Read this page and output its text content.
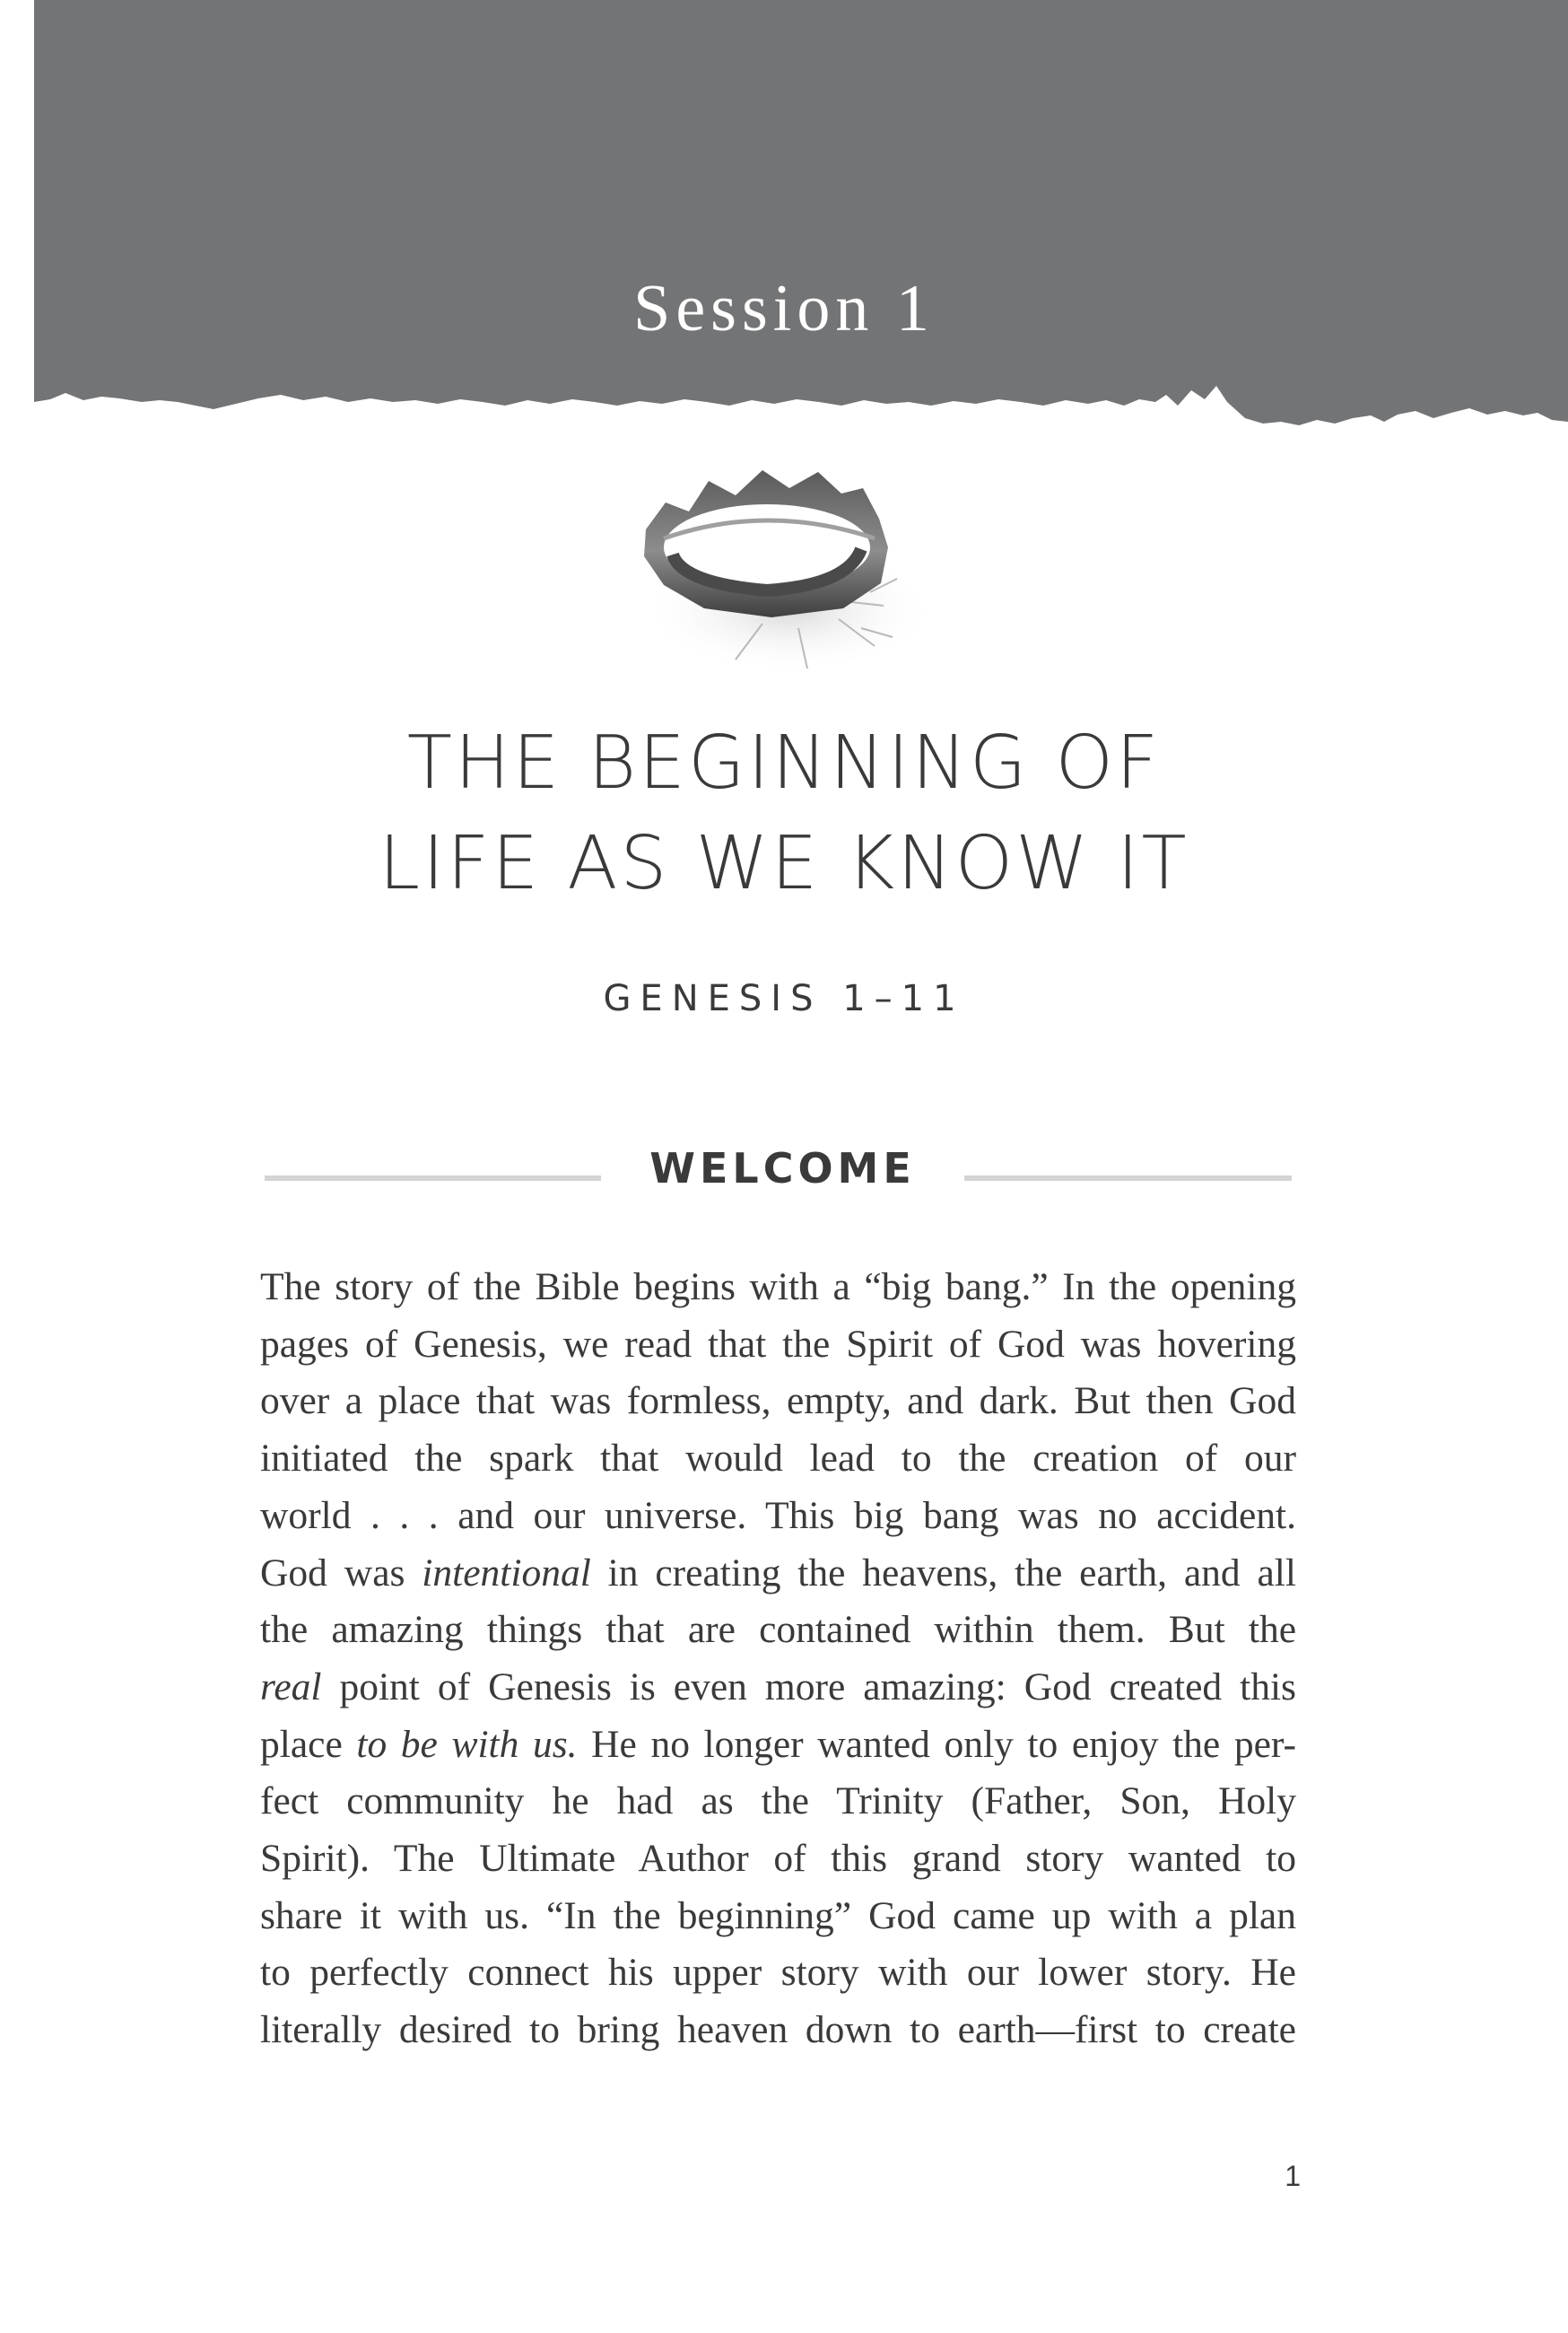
Session 1
THE BEGINNING OF
LIFE AS WE KNOW IT
GENESIS 1–11
WELCOME
The story of the Bible begins with a “big bang.” In the opening
pages of Genesis, we read that the Spirit of God was hovering
over a place that was formless, empty, and dark. But then God
initiated the spark that would lead to the creation of our
world . . . and our universe. This big bang was no accident.
God was intentional in creating the heavens, the earth, and all
the amazing things that are contained within them. But the
real point of Genesis is even more amazing: God created this
place to be with us. He no longer wanted only to enjoy the per-
fect community he had as the Trinity (Father, Son, Holy
Spirit). The Ultimate Author of this grand story wanted to
share it with us. “In the beginning” God came up with a plan
to perfectly connect his upper story with our lower story. He
literally desired to bring heaven down to earth—first to create
1
